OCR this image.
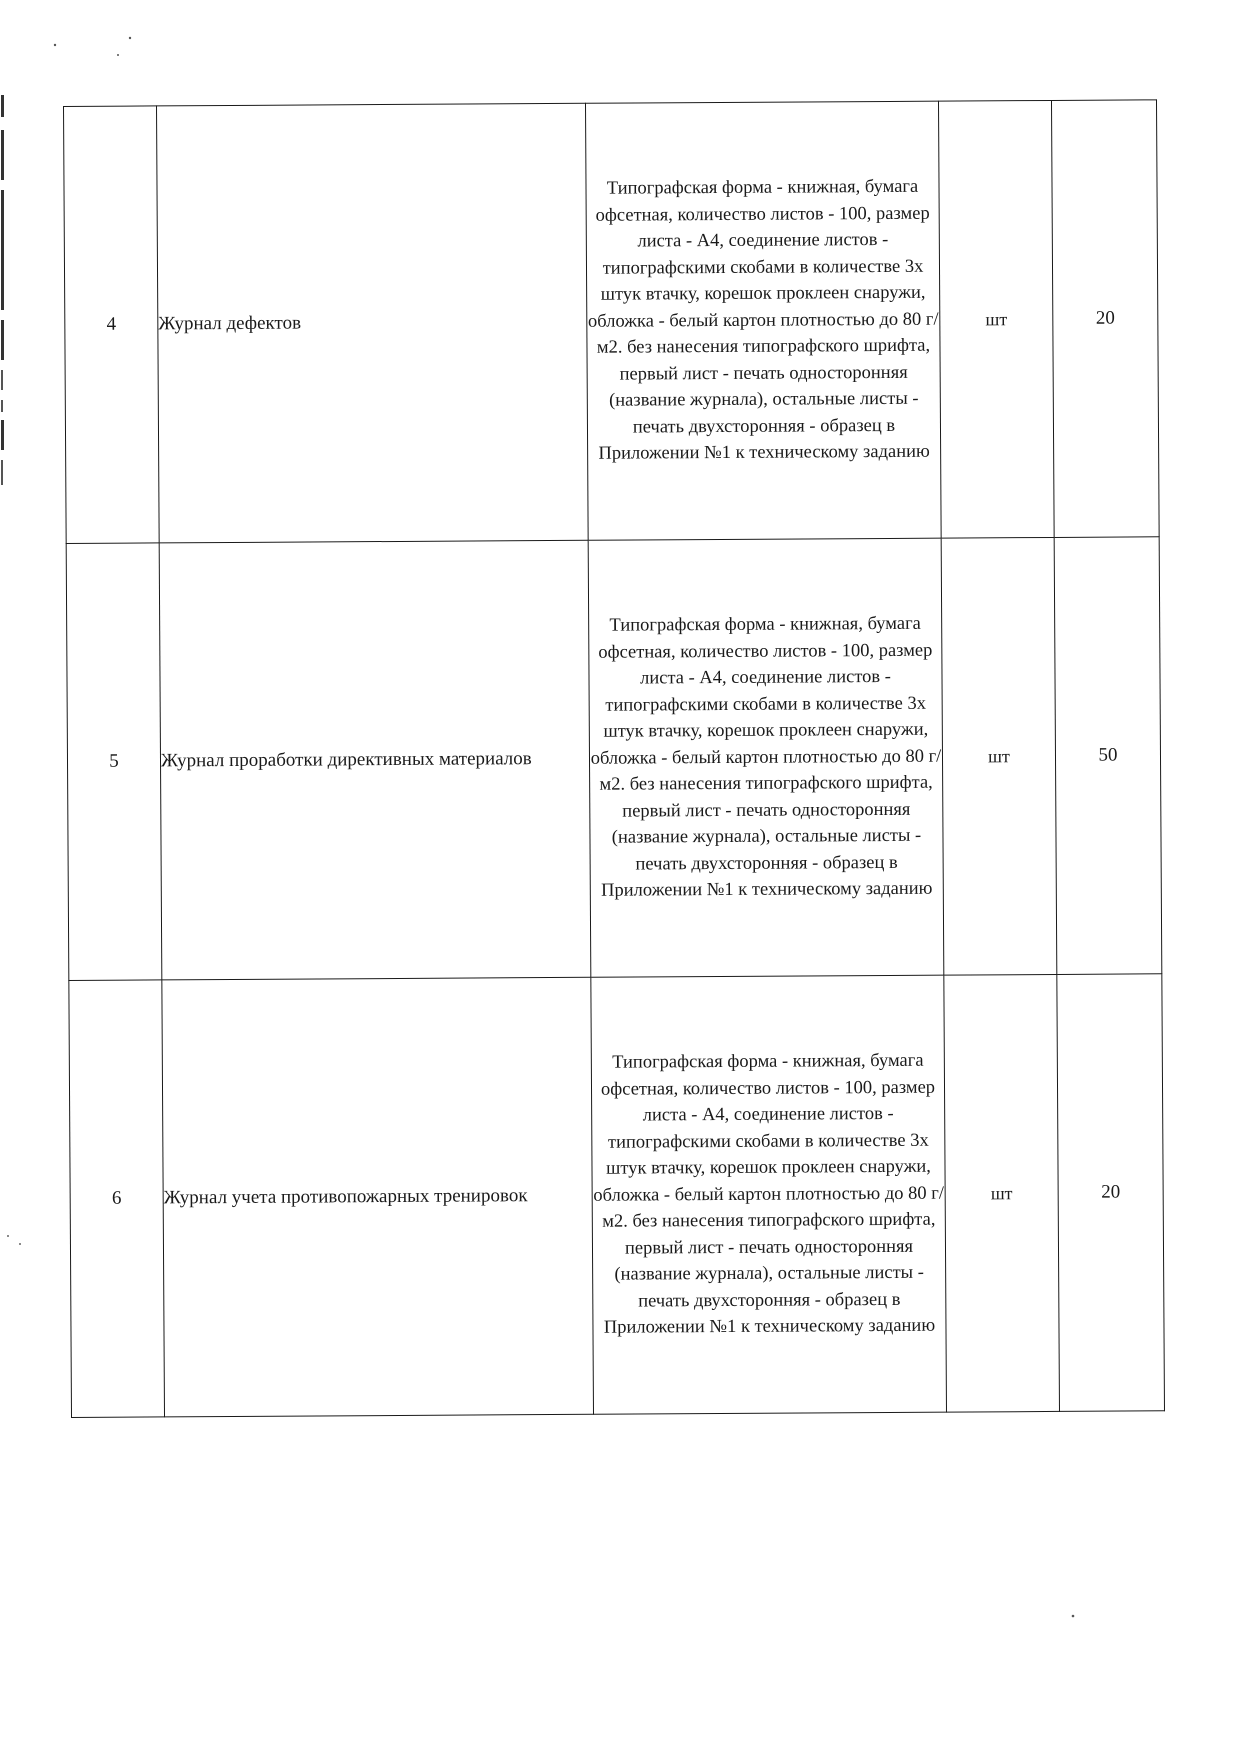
4	Журнал дефектов	Типографская форма - книжная, бумага офсетная, количество листов - 100, размер листа - А4, соединение листов - типографскими скобами в количестве 3х штук втачку, корешок проклеен снаружи, обложка - белый картон плотностью до 80 г/м2. без нанесения типографского шрифта, первый лист - печать односторонняя (название журнала), остальные листы - печать двухсторонняя - образец в Приложении №1 к техническому заданию	шт	20
5	Журнал проработки директивных материалов	Типографская форма - книжная, бумага офсетная, количество листов - 100, размер листа - А4, соединение листов - типографскими скобами в количестве 3х штук втачку, корешок проклеен снаружи, обложка - белый картон плотностью до 80 г/м2. без нанесения типографского шрифта, первый лист - печать односторонняя (название журнала), остальные листы - печать двухсторонняя - образец в Приложении №1 к техническому заданию	шт	50
6	Журнал учета противопожарных тренировок	Типографская форма - книжная, бумага офсетная, количество листов - 100, размер листа - А4, соединение листов - типографскими скобами в количестве 3х штук втачку, корешок проклеен снаружи, обложка - белый картон плотностью до 80 г/м2. без нанесения типографского шрифта, первый лист - печать односторонняя (название журнала), остальные листы - печать двухсторонняя - образец в Приложении №1 к техническому заданию	шт	20
